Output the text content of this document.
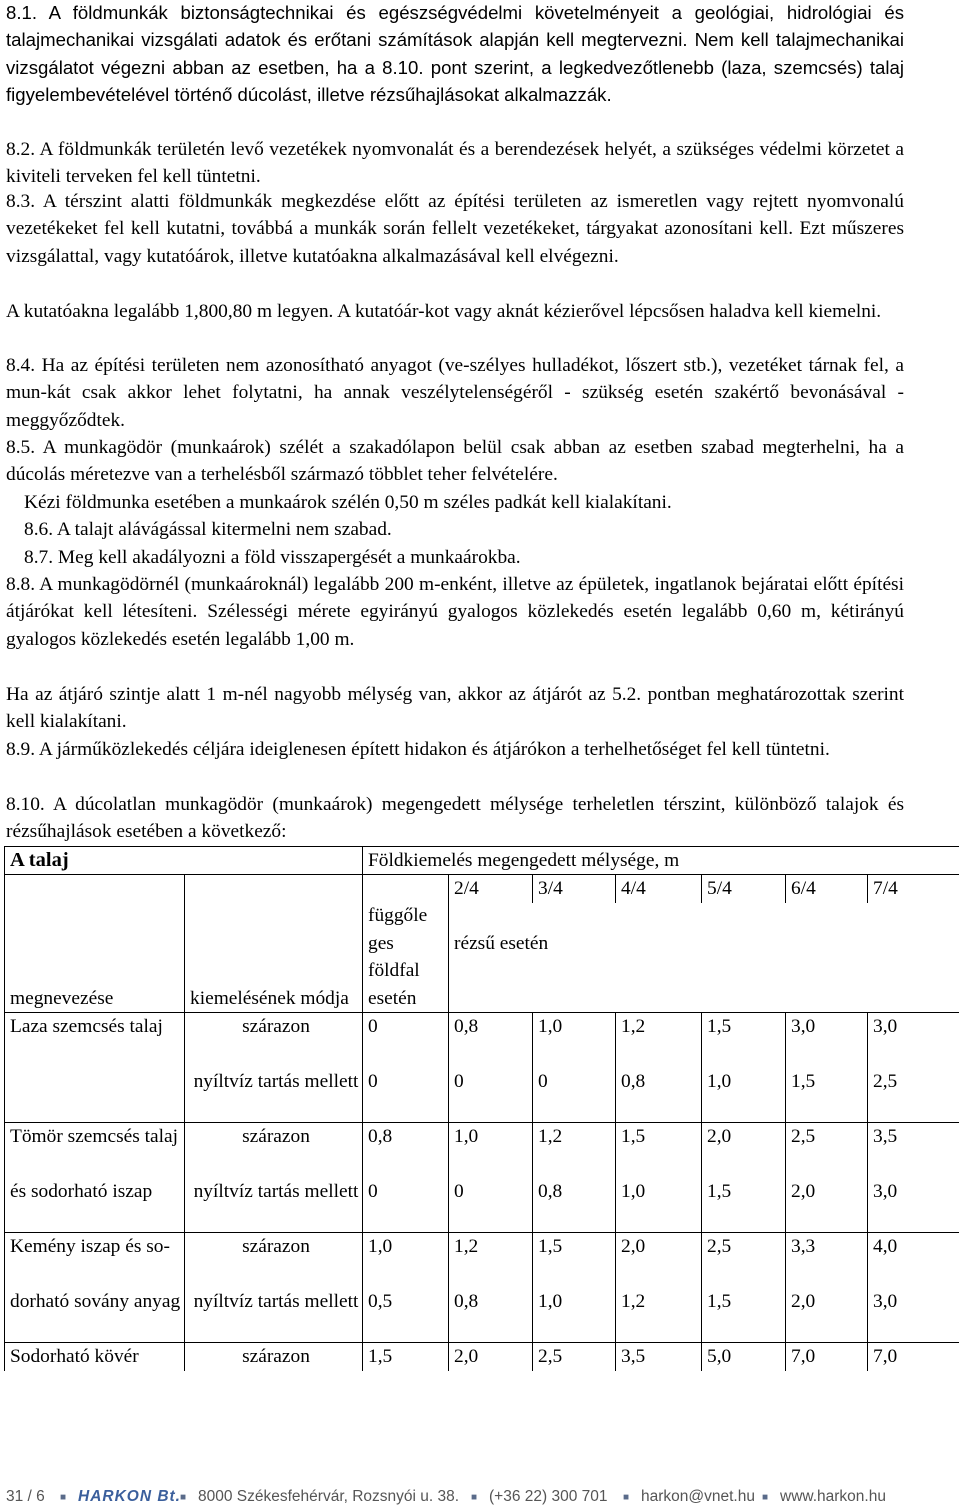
8.1. A földmunkák biztonságtechnikai és egészségvédelmi követelményeit a geológiai, hidrológiai és talajmechanikai vizsgálati adatok és erőtani számítások alapján kell megtervezni. Nem kell talajmechanikai vizsgálatot végezni abban az esetben, ha a 8.10. pont szerint, a legkedvezőtlenebb (laza, szemcsés) talaj figyelembevételével történő dúcolást, illetve rézsűhajlásokat alkalmazzák.

8.2. A földmunkák területén levő vezetékek nyomvonalát és a berendezések helyét, a szükséges védelmi körzetet a kiviteli terveken fel kell tüntetni.

8.3. A térszint alatti földmunkák megkezdése előtt az építési területen az ismeretlen vagy rejtett nyomvonalú vezetékeket fel kell kutatni, továbbá a munkák során fellelt vezetékeket, tárgyakat azonosítani kell. Ezt műszeres vizsgálattal, vagy kutatóárok, illetve kutatóakna alkalmazásával kell elvégezni.

A kutatóakna legalább 1,800,80 m legyen. A kutatóár-kot vagy aknát kézierővel lépcsősen haladva kell kiemelni.

8.4. Ha az építési területen nem azonosítható anyagot (ve-szélyes hulladékot, lőszert stb.), vezetéket tárnak fel, a mun-kát csak akkor lehet folytatni, ha annak veszélytelenségéről - szükség esetén szakértő bevonásával - meggyőződtek.

8.5. A munkagödör (munkaárok) szélét a szakadólapon belül csak abban az esetben szabad megterhelni, ha a dúcolás méretezve van a terhelésből származó többlet teher felvételére.

Kézi földmunka esetében a munkaárok szélén 0,50 m széles padkát kell kialakítani.

8.6. A talajt alávágással kitermelni nem szabad.

8.7. Meg kell akadályozni a föld visszapergését a munkaárokba.

8.8. A munkagödörnél (munkaároknál) legalább 200 m-enként, illetve az épületek, ingatlanok bejáratai előtt építési átjárókat kell létesíteni. Szélességi mérete egyirányú gyalogos közlekedés esetén legalább 0,60 m, kétirányú gyalogos közlekedés esetén legalább 1,00 m.

Ha az átjáró szintje alatt 1 m-nél nagyobb mélység van, akkor az átjárót az 5.2. pontban meghatározottak szerint kell kialakítani.

8.9. A járműközlekedés céljára ideiglenesen épített hidakon és átjárókon a terhelhetőséget fel kell tüntetni.

8.10. A dúcolatlan munkagödör (munkaárok) megengedett mélysége terheletlen térszint, különböző talajok és rézsűhajlások esetében a következő:

A talaj		Földkiemelés megengedett mélysége, m						
megnevezése	kiemelésének módja	függőle ges földfal esetén	2/4	3/4	4/4	5/4	6/4	7/4
			rézsű esetén					
Laza szemcsés talaj	szárazon	0	0,8	1,0	1,2	1,5	3,0	3,0
	nyíltvíz tartás mellett	0	0	0	0,8	1,0	1,5	2,5
Tömör szemcsés talaj	szárazon	0,8	1,0	1,2	1,5	2,0	2,5	3,5
és sodorható iszap	nyíltvíz tartás mellett	0	0	0,8	1,0	1,5	2,0	3,0
Kemény iszap és so-	szárazon	1,0	1,2	1,5	2,0	2,5	3,3	4,0
dorható sovány anyag	nyíltvíz tartás mellett	0,5	0,8	1,0	1,2	1,5	2,0	3,0
Sodorható kövér	szárazon	1,5	2,0	2,5	3,5	5,0	7,0	7,0
31 / 6 ■ HARKON Bt. ■ 8000 Székesfehérvár, Rozsnyói u. 38. ■ (+36 22) 300 701 ■ harkon@vnet.hu ■ www.harkon.hu
